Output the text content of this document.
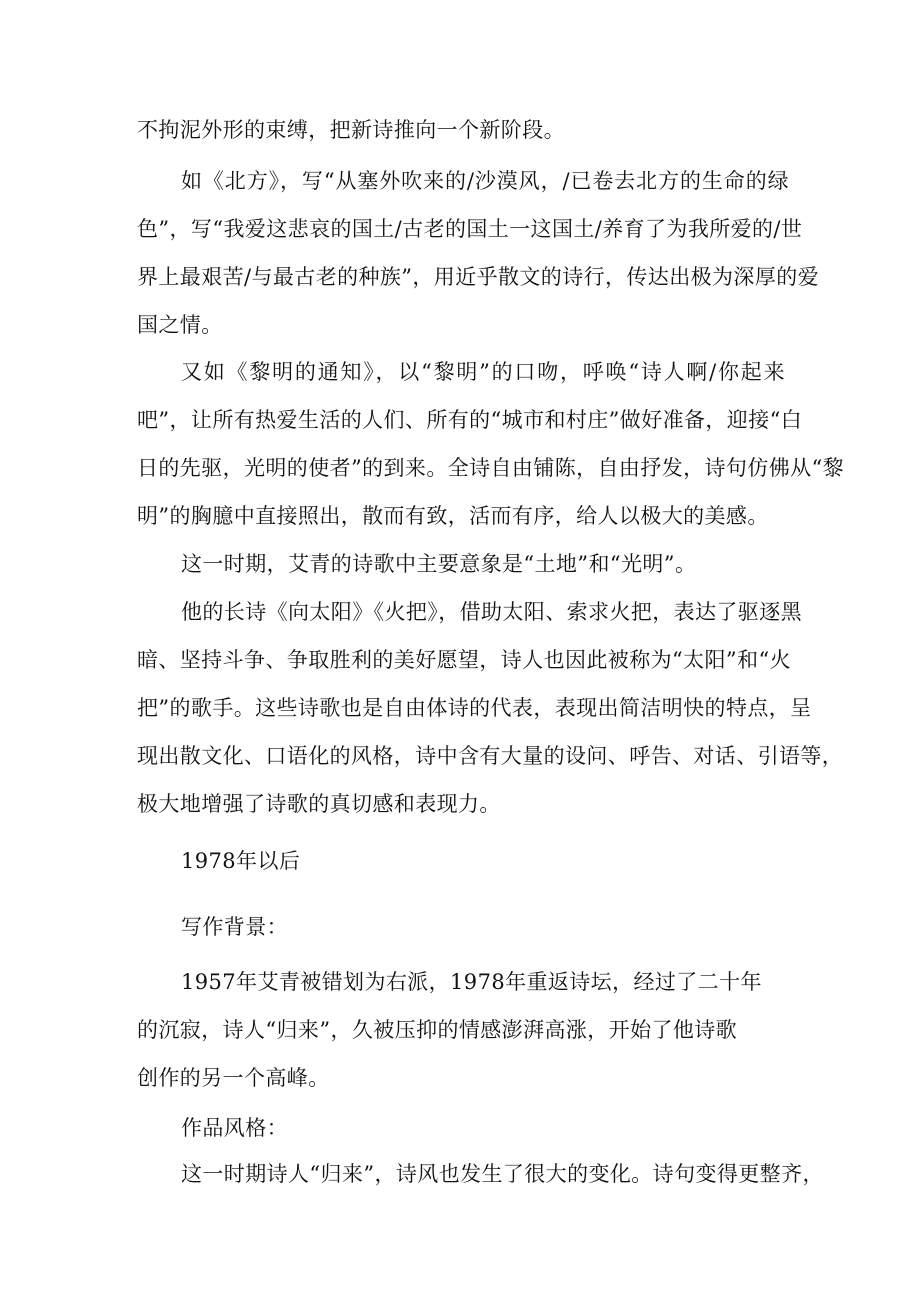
不拘泥外形的束缚，把新诗推向一个新阶段。
如《北方》，写“从塞外吹来的/沙漠风，/已卷去北方的生命的绿
色”，写“我爱这悲哀的国土/古老的国土一这国土/养育了为我所爱的/世
界上最艰苦/与最古老的种族”，用近乎散文的诗行，传达出极为深厚的爱
国之情。
又如《黎明的通知》，以“黎明”的口吻，呼唤“诗人啊/你起来
吧”，让所有热爱生活的人们、所有的“城市和村庄”做好准备，迎接“白
日的先驱，光明的使者”的到来。全诗自由铺陈，自由抒发，诗句仿佛从“黎
明”的胸臆中直接照出，散而有致，活而有序，给人以极大的美感。
这一时期，艾青的诗歌中主要意象是“土地”和“光明”。
他的长诗《向太阳》《火把》，借助太阳、索求火把，表达了驱逐黑
暗、坚持斗争、争取胜利的美好愿望，诗人也因此被称为“太阳”和“火
把”的歌手。这些诗歌也是自由体诗的代表，表现出简洁明快的特点，呈
现出散文化、口语化的风格，诗中含有大量的设问、呼告、对话、引语等，
极大地增强了诗歌的真切感和表现力。
1978年以后
写作背景：
1957年艾青被错划为右派，1978年重返诗坛，经过了二十年
的沉寂，诗人“归来”，久被压抑的情感澎湃高涨，开始了他诗歌
创作的另一个高峰。
作品风格：
这一时期诗人“归来”，诗风也发生了很大的变化。诗句变得更整齐，
